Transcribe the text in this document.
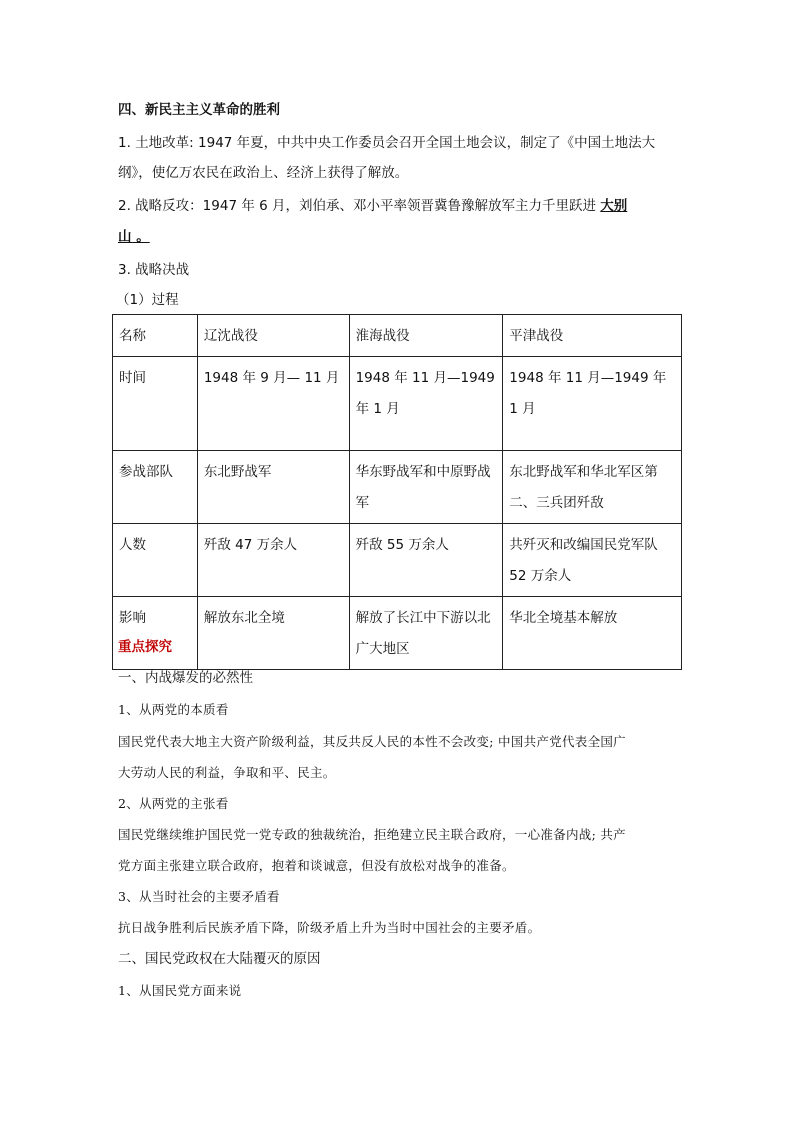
四、新民主主义革命的胜利
1. 土地改革: 1947 年夏，中共中央工作委员会召开全国土地会议，制定了《中国土地法大
纲》，使亿万农民在政治上、经济上获得了解放。
2. 战略反攻：1947 年 6 月，刘伯承、邓小平率领晋冀鲁豫解放军主力千里跃进 大别
山 。
3. 战略决战
（1）过程
名称	辽沈战役	淮海战役	平津战役
时间	1948 年 9 月— 11 月	1948 年 11 月—1949 年 1 月	1948 年 11 月—1949 年 1 月
参战部队	东北野战军	华东野战军和中原野战军	东北野战军和华北军区第二、三兵团歼敌
人数	歼敌 47 万余人	歼敌 55 万余人	共歼灭和改编国民党军队 52 万余人
影响	解放东北全境	解放了长江中下游以北广大地区	华北全境基本解放
重点探究
一、内战爆发的必然性
1、从两党的本质看
国民党代表大地主大资产阶级利益，其反共反人民的本性不会改变; 中国共产党代表全国广
大劳动人民的利益，争取和平、民主。
2、从两党的主张看
国民党继续维护国民党一党专政的独裁统治，拒绝建立民主联合政府，一心准备内战; 共产
党方面主张建立联合政府，抱着和谈诚意，但没有放松对战争的准备。
3、从当时社会的主要矛盾看
抗日战争胜利后民族矛盾下降，阶级矛盾上升为当时中国社会的主要矛盾。
二、国民党政权在大陆覆灭的原因
1、从国民党方面来说
